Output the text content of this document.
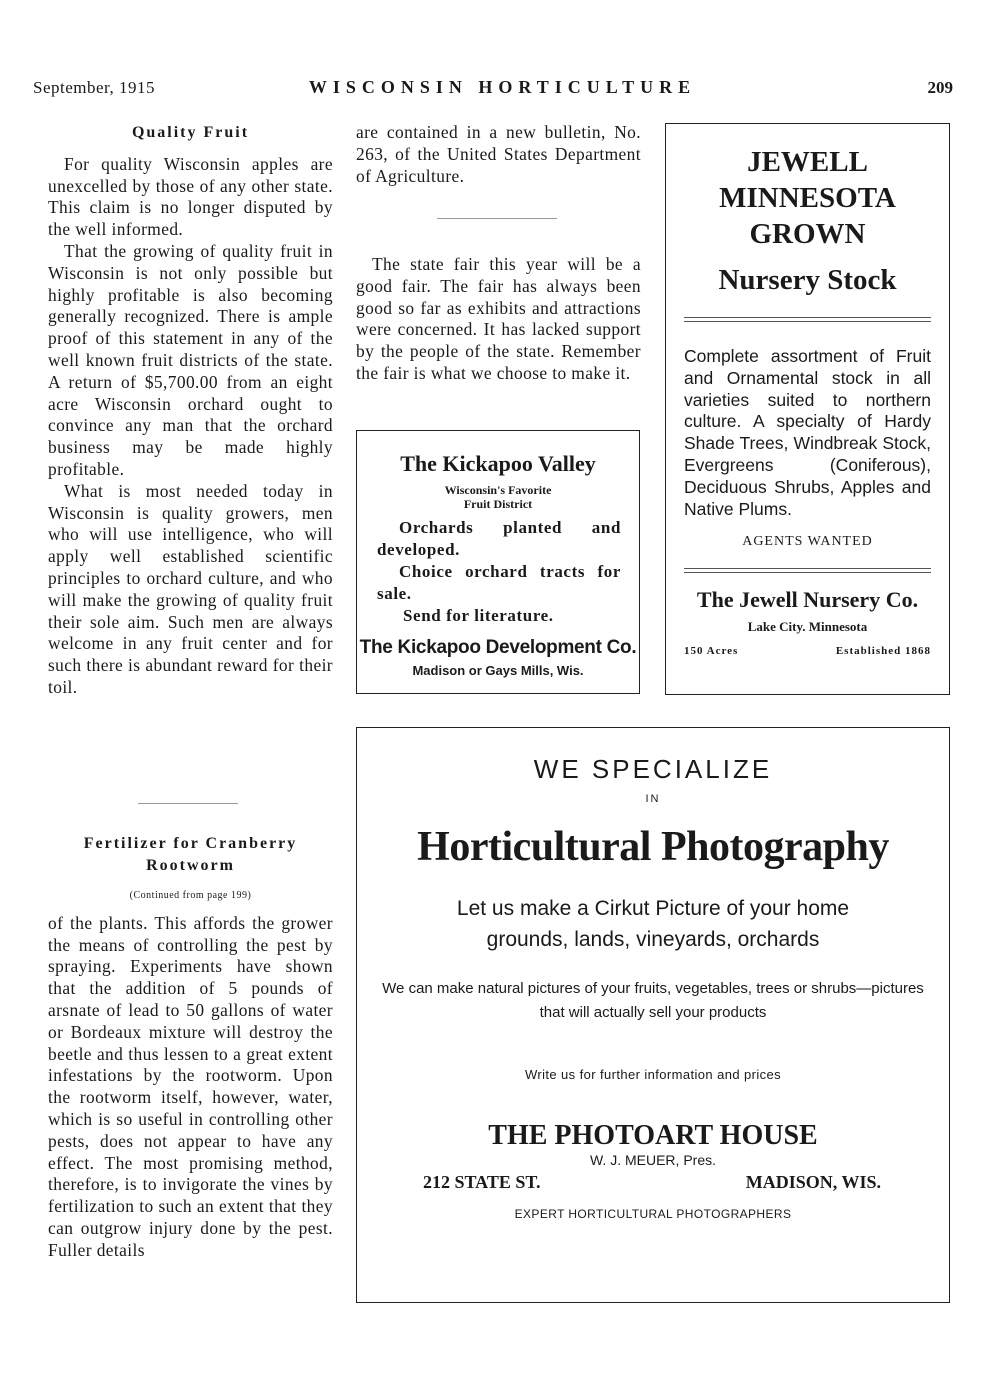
September, 1915	WISCONSIN HORTICULTURE	209
Quality Fruit

For quality Wisconsin apples are unexcelled by those of any other state. This claim is no longer disputed by the well informed.

That the growing of quality fruit in Wisconsin is not only possible but highly profitable is also becoming generally recognized. There is ample proof of this statement in any of the well known fruit districts of the state. A return of $5,700.00 from an eight acre Wisconsin orchard ought to convince any man that the orchard business may be made highly profitable.

What is most needed today in Wisconsin is quality growers, men who will use intelligence, who will apply well established scientific principles to orchard culture, and who will make the growing of quality fruit their sole aim. Such men are always welcome in any fruit center and for such there is abundant reward for their toil.

Fertilizer for Cranberry Rootworm
(Continued from page 199)
of the plants. This affords the grower the means of controlling the pest by spraying. Experiments have shown that the addition of 5 pounds of arsnate of lead to 50 gallons of water or Bordeaux mixture will destroy the beetle and thus lessen to a great extent infestations by the rootworm. Upon the rootworm itself, however, water, which is so useful in controlling other pests, does not appear to have any effect. The most promising method, therefore, is to invigorate the vines by fertilization to such an extent that they can outgrow injury done by the pest. Fuller details
are contained in a new bulletin, No. 263, of the United States Department of Agriculture.

The state fair this year will be a good fair. The fair has always been good so far as exhibits and attractions were concerned. It has lacked support by the people of the state. Remember the fair is what we choose to make it.

The Kickapoo Valley
Wisconsin's Favorite
Fruit District
Orchards planted and developed.
Choice orchard tracts for sale.
Send for literature.
The Kickapoo Development Co.
Madison or Gays Mills, Wis.
JEWELL
MINNESOTA
GROWN
Nursery Stock
Complete assortment of Fruit and Ornamental stock in all varieties suited to northern culture. A specialty of Hardy Shade Trees, Windbreak Stock, Evergreens (Coniferous), Deciduous Shrubs, Apples and Native Plums.
AGENTS WANTED
The Jewell Nursery Co.
Lake City. Minnesota
150 Acres	Established 1868
WE SPECIALIZE
IN
Horticultural Photography
Let us make a Cirkut Picture of your home grounds, lands, vineyards, orchards
We can make natural pictures of your fruits, vegetables, trees or shrubs—pictures that will actually sell your products
Write us for further information and prices
THE PHOTOART HOUSE
W. J. MEUER, Pres.
212 STATE ST.	MADISON, WIS.
EXPERT HORTICULTURAL PHOTOGRAPHERS
